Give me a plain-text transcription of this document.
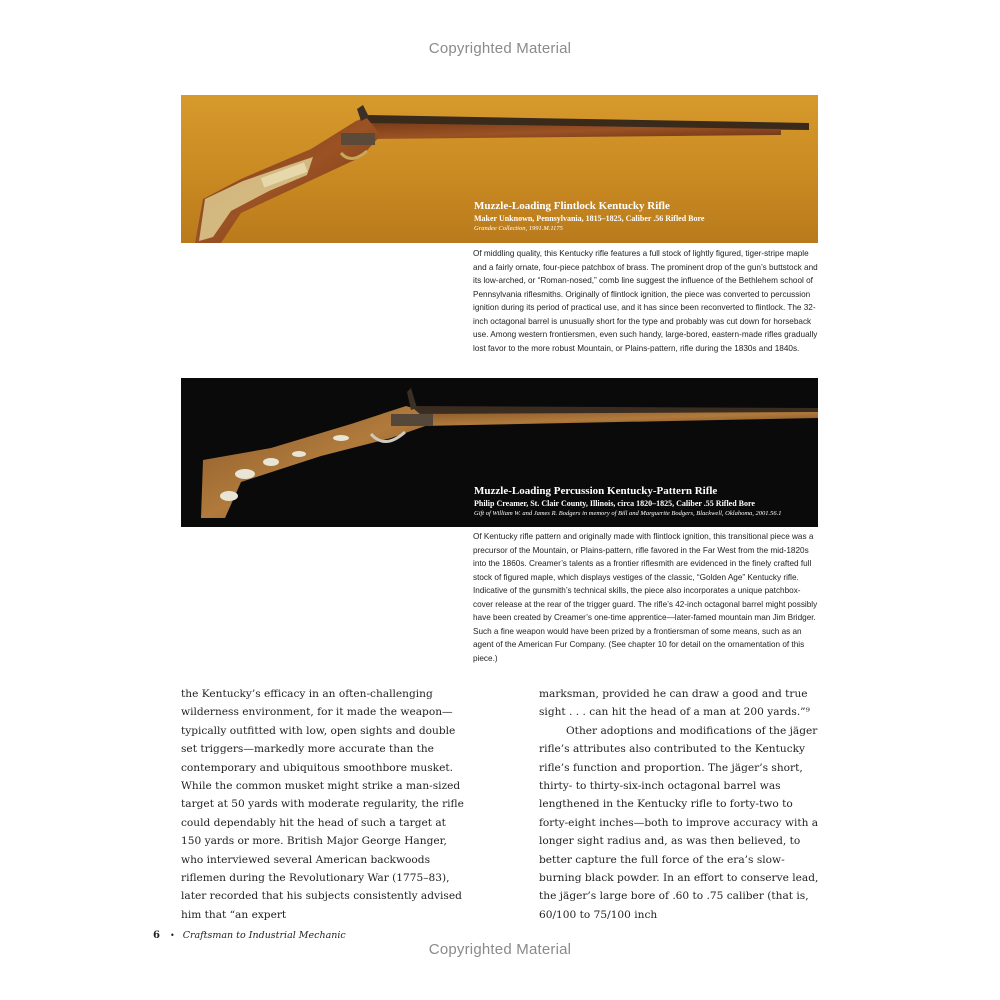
Copyrighted Material
Muzzle-Loading Flintlock Kentucky Rifle
Maker Unknown, Pennsylvania, 1815–1825, Caliber .56 Rifled Bore
Grandee Collection, 1991.M.1175

Of middling quality, this Kentucky rifle features a full stock of lightly figured, tiger-stripe maple and a fairly ornate, four-piece patchbox of brass. The prominent drop of the gun’s buttstock and its low-arched, or “Roman-nosed,” comb line suggest the influence of the Bethlehem school of Pennsylvania riflesmiths. Originally of flintlock ignition, the piece was converted to percussion ignition during its period of practical use, and it has since been reconverted to flintlock. The 32-inch octagonal barrel is unusually short for the type and probably was cut down for horseback use. Among western frontiersmen, even such handy, large-bored, eastern-made rifles gradually lost favor to the more robust Mountain, or Plains-pattern, rifle during the 1830s and 1840s.

Muzzle-Loading Percussion Kentucky-Pattern Rifle
Philip Creamer, St. Clair County, Illinois, circa 1820–1825, Caliber .55 Rifled Bore
Gift of William W. and James R. Bodgers in memory of Bill and Marguerite Bodgers, Blackwell, Oklahoma, 2001.56.1

Of Kentucky rifle pattern and originally made with flintlock ignition, this transitional piece was a precursor of the Mountain, or Plains-pattern, rifle favored in the Far West from the mid-1820s into the 1860s. Creamer’s talents as a frontier riflesmith are evidenced in the finely crafted full stock of figured maple, which displays vestiges of the classic, “Golden Age” Kentucky rifle. Indicative of the gunsmith’s technical skills, the piece also incorporates a unique patchbox-cover release at the rear of the trigger guard. The rifle’s 42-inch octagonal barrel might possibly have been created by Creamer’s one-time apprentice—later-famed mountain man Jim Bridger. Such a fine weapon would have been prized by a frontiersman of some means, such as an agent of the American Fur Company. (See chapter 10 for detail on the ornamentation of this piece.)

the Kentucky’s efficacy in an often-challenging wilderness environment, for it made the weapon—typically outfitted with low, open sights and double set triggers—markedly more accurate than the contemporary and ubiquitous smoothbore musket. While the common musket might strike a man-sized target at 50 yards with moderate regularity, the rifle could dependably hit the head of such a target at 150 yards or more. British Major George Hanger, who interviewed several American backwoods riflemen during the Revolutionary War (1775–83), later recorded that his subjects consistently advised him that “an expert

marksman, provided he can draw a good and true sight . . . can hit the head of a man at 200 yards.”⁹

Other adoptions and modifications of the jäger rifle’s attributes also contributed to the Kentucky rifle’s function and proportion. The jäger’s short, thirty- to thirty-six-inch octagonal barrel was lengthened in the Kentucky rifle to forty-two to forty-eight inches—both to improve accuracy with a longer sight radius and, as was then believed, to better capture the full force of the era’s slow-burning black powder. In an effort to conserve lead, the jäger’s large bore of .60 to .75 caliber (that is, 60/100 to 75/100 inch

6 • Craftsman to Industrial Mechanic
Copyrighted Material
